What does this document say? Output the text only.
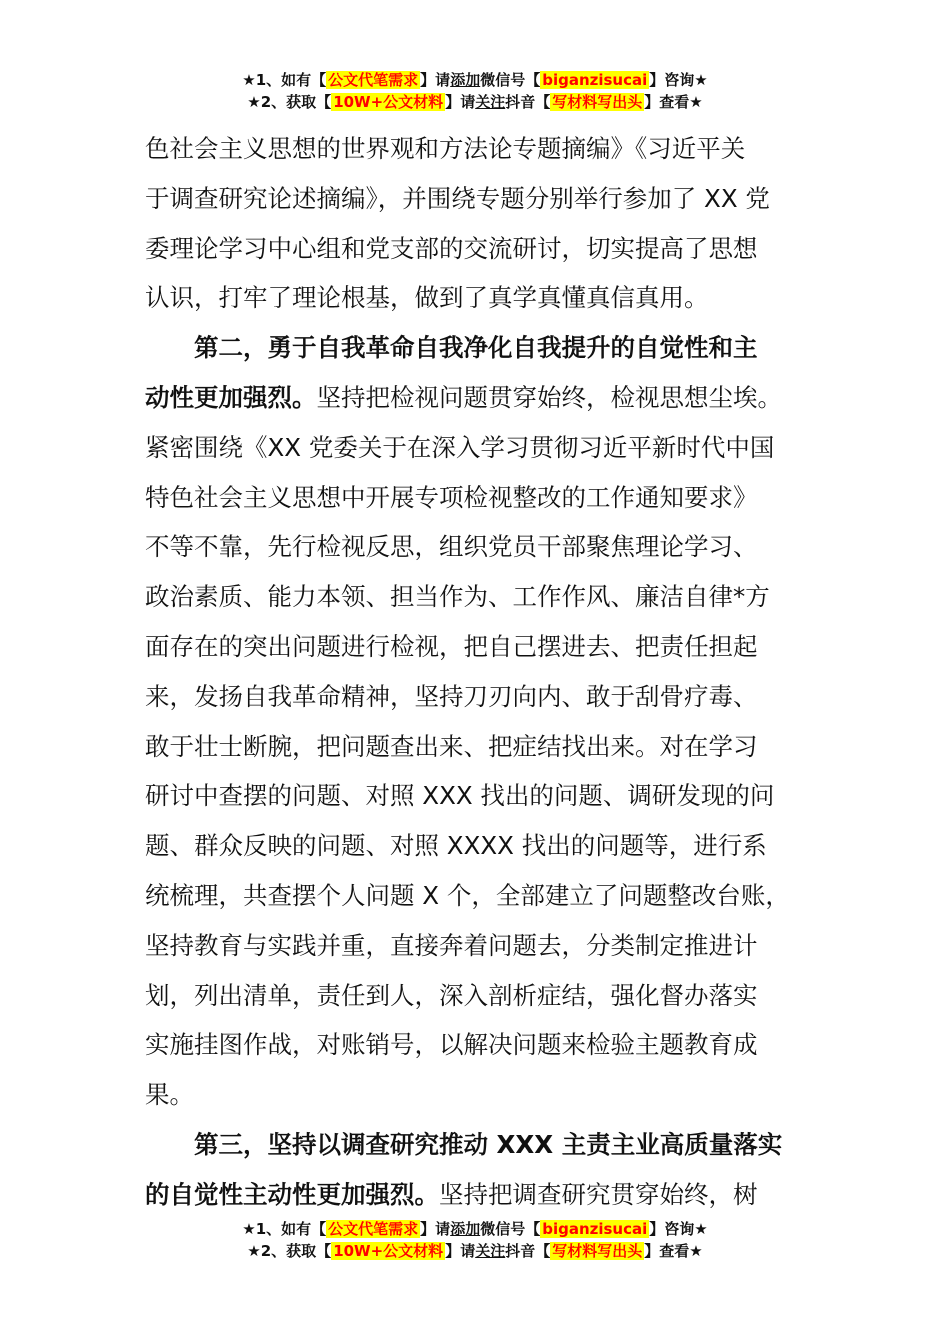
★1、如有【 公文代笔需求 】请添加微信号【 biganzisucai 】咨询★
★2、获取【 10W+公文材料 】请关注抖音【 写材料写出头 】查看★
色社会主义思想的世界观和方法论专题摘编》《习近平关
于调查研究论述摘编》，并围绕专题分别举行参加了 XX 党
委理论学习中心组和党支部的交流研讨，切实提高了思想
认识，打牢了理论根基，做到了真学真懂真信真用。
第二，勇于自我革命自我净化自我提升的自觉性和主
动性更加强烈。坚持把检视问题贯穿始终，检视思想尘埃。
紧密围绕《XX 党委关于在深入学习贯彻习近平新时代中国
特色社会主义思想中开展专项检视整改的工作通知要求》
不等不靠，先行检视反思，组织党员干部聚焦理论学习、
政治素质、能力本领、担当作为、工作作风、廉洁自律*方
面存在的突出问题进行检视，把自己摆进去、把责任担起
来，发扬自我革命精神，坚持刀刃向内、敢于刮骨疗毒、
敢于壮士断腕，把问题查出来、把症结找出来。对在学习
研讨中查摆的问题、对照 XXX 找出的问题、调研发现的问
题、群众反映的问题、对照 XXXX 找出的问题等，进行系
统梳理，共查摆个人问题 X 个，全部建立了问题整改台账，
坚持教育与实践并重，直接奔着问题去，分类制定推进计
划，列出清单，责任到人，深入剖析症结，强化督办落实
实施挂图作战，对账销号，以解决问题来检验主题教育成
果。
第三，坚持以调查研究推动 XXX 主责主业高质量落实
的自觉性主动性更加强烈。坚持把调查研究贯穿始终，树
★1、如有【 公文代笔需求 】请添加微信号【 biganzisucai 】咨询★
★2、获取【 10W+公文材料 】请关注抖音【 写材料写出头 】查看★
